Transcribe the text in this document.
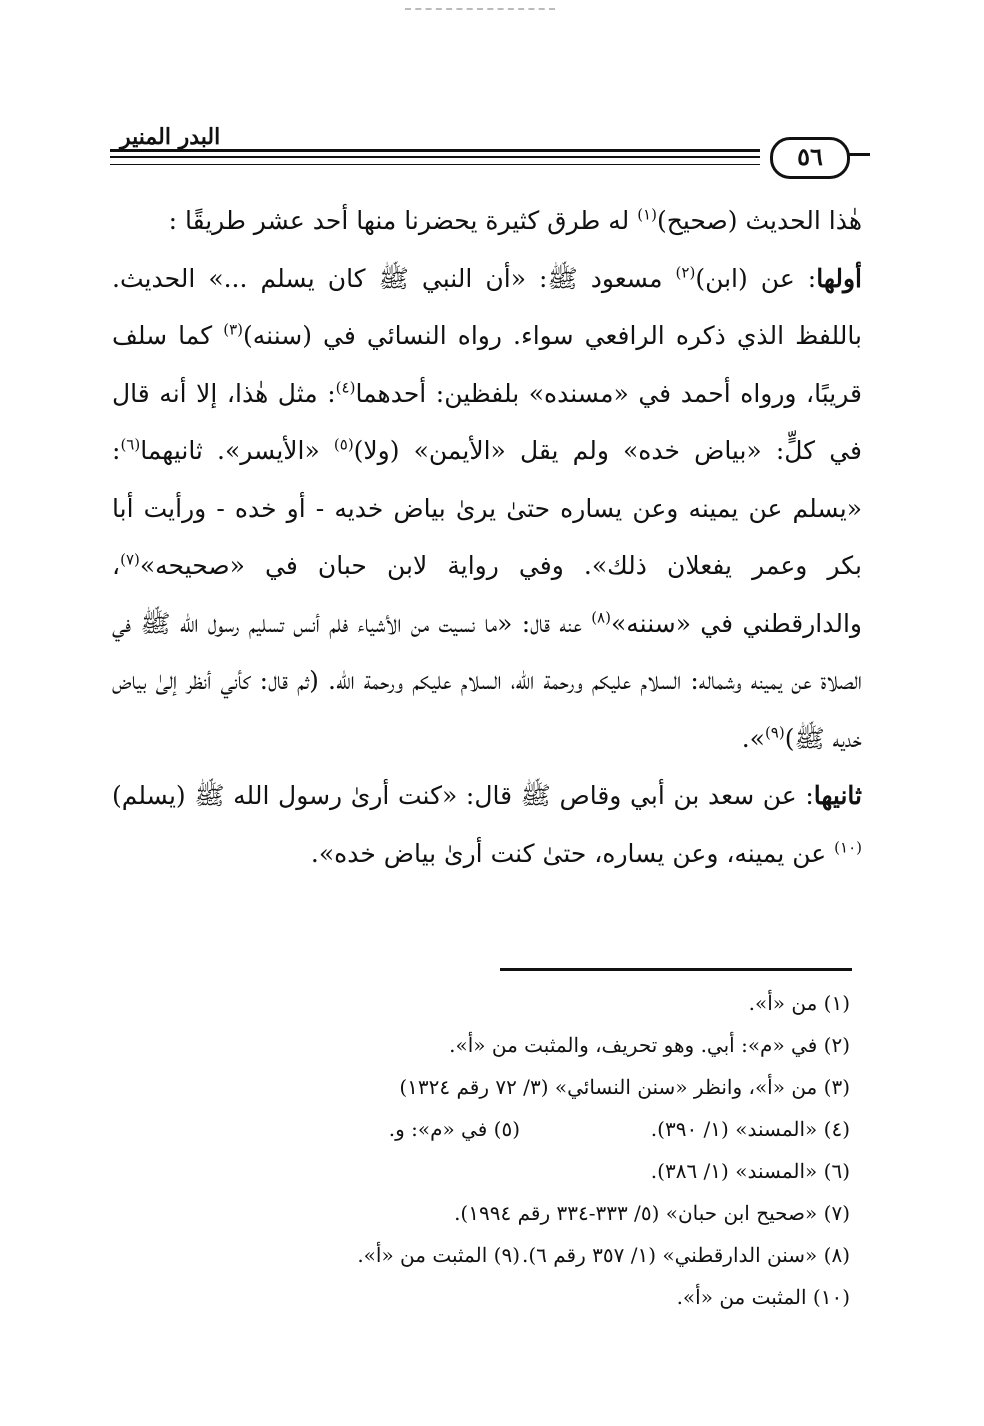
البدر المنير
٥٦

هٰذا الحديث (صحيح)$^{(١)}$ له طرق كثيرة يحضرنا منها أحد عشر طريقًا :

أولها: عن (ابن)$^{(٢)}$ مسعود ﷺ: «أن النبي ﷺ كان يسلم ...» الحديث. باللفظ الذي ذكره الرافعي سواء. رواه النسائي في (سننه)$^{(٣)}$ كما سلف قريبًا، ورواه أحمد في «مسنده» بلفظين: أحدهما$^{(٤)}$: مثل هٰذا، إلا أنه قال في كلٍّ: «بياض خده» ولم يقل «الأيمن» (ولا)$^{(٥)}$ «الأيسر». ثانيهما$^{(٦)}$: «يسلم عن يمينه وعن يساره حتىٰ يرىٰ بياض خديه - أو خده - ورأيت أبا بكر وعمر يفعلان ذلك». وفي رواية لابن حبان في «صحيحه»$^{(٧)}$، والدارقطني في «سننه»$^{(٨)}$ عنه قال: «ما نسيت من الأشياء فلم أنس تسليم رسول الله ﷺ في الصلاة عن يمينه وشماله: السلام عليكم ورحمة الله، السلام عليكم ورحمة الله. (ثم قال: كأني أنظر إلىٰ بياض خديه ﷺ)$^{(٩)}$».

ثانيها: عن سعد بن أبي وقاص ﷺ قال: «كنت أرىٰ رسول الله ﷺ (يسلم)$^{(١٠)}$ عن يمينه، وعن يساره، حتىٰ كنت أرىٰ بياض خده».

(١) من «أ».
(٢) في «م»: أبي. وهو تحريف، والمثبت من «أ».
(٣) من «أ»، وانظر «سنن النسائي» (٣/ ٧٢ رقم ١٣٢٤)
(٤) «المسند» (١/ ٣٩٠).
(٥) في «م»: و.
(٦) «المسند» (١/ ٣٨٦).
(٧) «صحيح ابن حبان» (٥/ ٣٣٣-٣٣٤ رقم ١٩٩٤).
(٨) «سنن الدارقطني» (١/ ٣٥٧ رقم ٦).
(٩) المثبت من «أ».
(١٠) المثبت من «أ».
